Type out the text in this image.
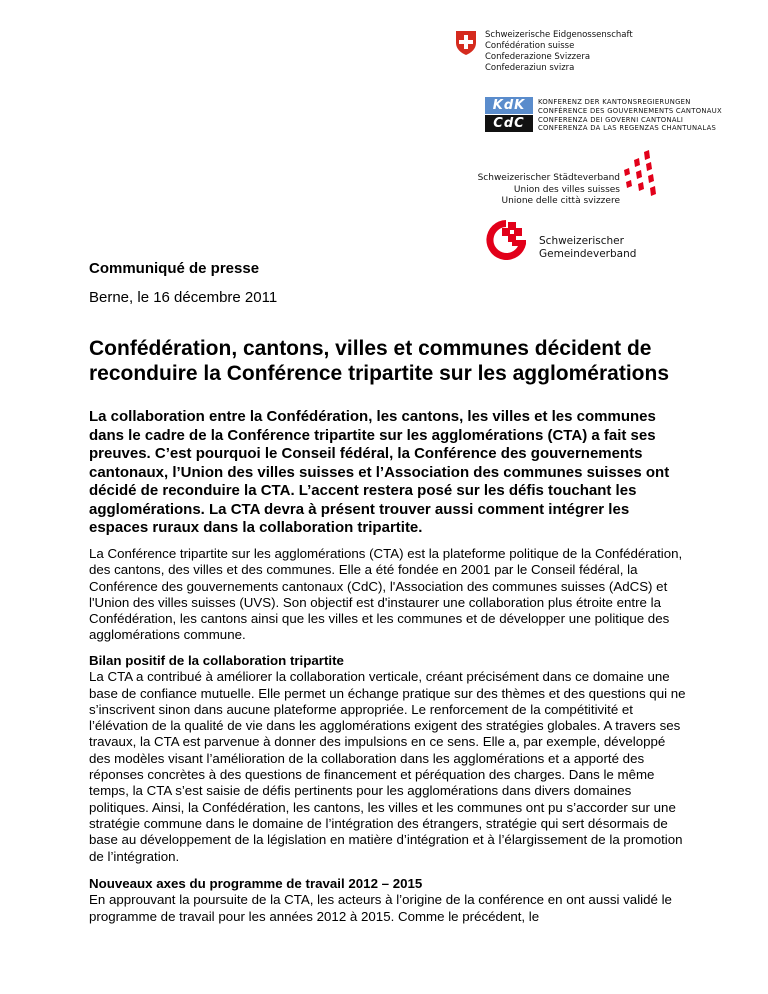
Schweizerische Eidgenossenschaft
Confédération suisse
Confederazione Svizzera
Confederaziun svizra
KdK
CdC
KONFERENZ DER KANTONSREGIERUNGEN
CONFÉRENCE DES GOUVERNEMENTS CANTONAUX
CONFERENZA DEI GOVERNI CANTONALI
CONFERENZA DA LAS REGENZAS CHANTUNALAS
Schweizerischer Städteverband
Union des villes suisses
Unione delle città svizzere
Schweizerischer
Gemeindeverband
Communiqué de presse
Berne, le 16 décembre 2011
Confédération, cantons, villes et communes décident de reconduire la Conférence tripartite sur les agglomérations

La collaboration entre la Confédération, les cantons, les villes et les communes dans le cadre de la Conférence tripartite sur les agglomérations (CTA) a fait ses preuves. C’est pourquoi le Conseil fédéral, la Conférence des gouvernements cantonaux, l’Union des villes suisses et l’Association des communes suisses ont décidé de reconduire la CTA. L’accent restera posé sur les défis touchant les agglomérations. La CTA devra à présent trouver aussi comment intégrer les espaces ruraux dans la collaboration tripartite.

La Conférence tripartite sur les agglomérations (CTA) est la plateforme politique de la Confédération, des cantons, des villes et des communes. Elle a été fondée en 2001 par le Conseil fédéral, la Conférence des gouvernements cantonaux (CdC), l'Association des communes suisses (AdCS) et l'Union des villes suisses (UVS). Son objectif est d'instaurer une collaboration plus étroite entre la Confédération, les cantons ainsi que les villes et les communes et de développer une politique des agglomérations commune.

Bilan positif de la collaboration tripartite
La CTA a contribué à améliorer la collaboration verticale, créant précisément dans ce domaine une base de confiance mutuelle. Elle permet un échange pratique sur des thèmes et des questions qui ne s’inscrivent sinon dans aucune plateforme appropriée. Le renforcement de la compétitivité et l’élévation de la qualité de vie dans les agglomérations exigent des stratégies globales. A travers ses travaux, la CTA est parvenue à donner des impulsions en ce sens. Elle a, par exemple, développé des modèles visant l’amélioration de la collaboration dans les agglomérations et a apporté des réponses concrètes à des questions de financement et péréquation des charges. Dans le même temps, la CTA s’est saisie de défis pertinents pour les agglomérations dans divers domaines politiques. Ainsi, la Confédération, les cantons, les villes et les communes ont pu s’accorder sur une stratégie commune dans le domaine de l’intégration des étrangers, stratégie qui sert désormais de base au développement de la législation en matière d’intégration et à l’élargissement de la promotion de l’intégration.
Nouveaux axes du programme de travail 2012 – 2015
En approuvant la poursuite de la CTA, les acteurs à l’origine de la conférence en ont aussi validé le programme de travail pour les années 2012 à 2015. Comme le précédent, le
